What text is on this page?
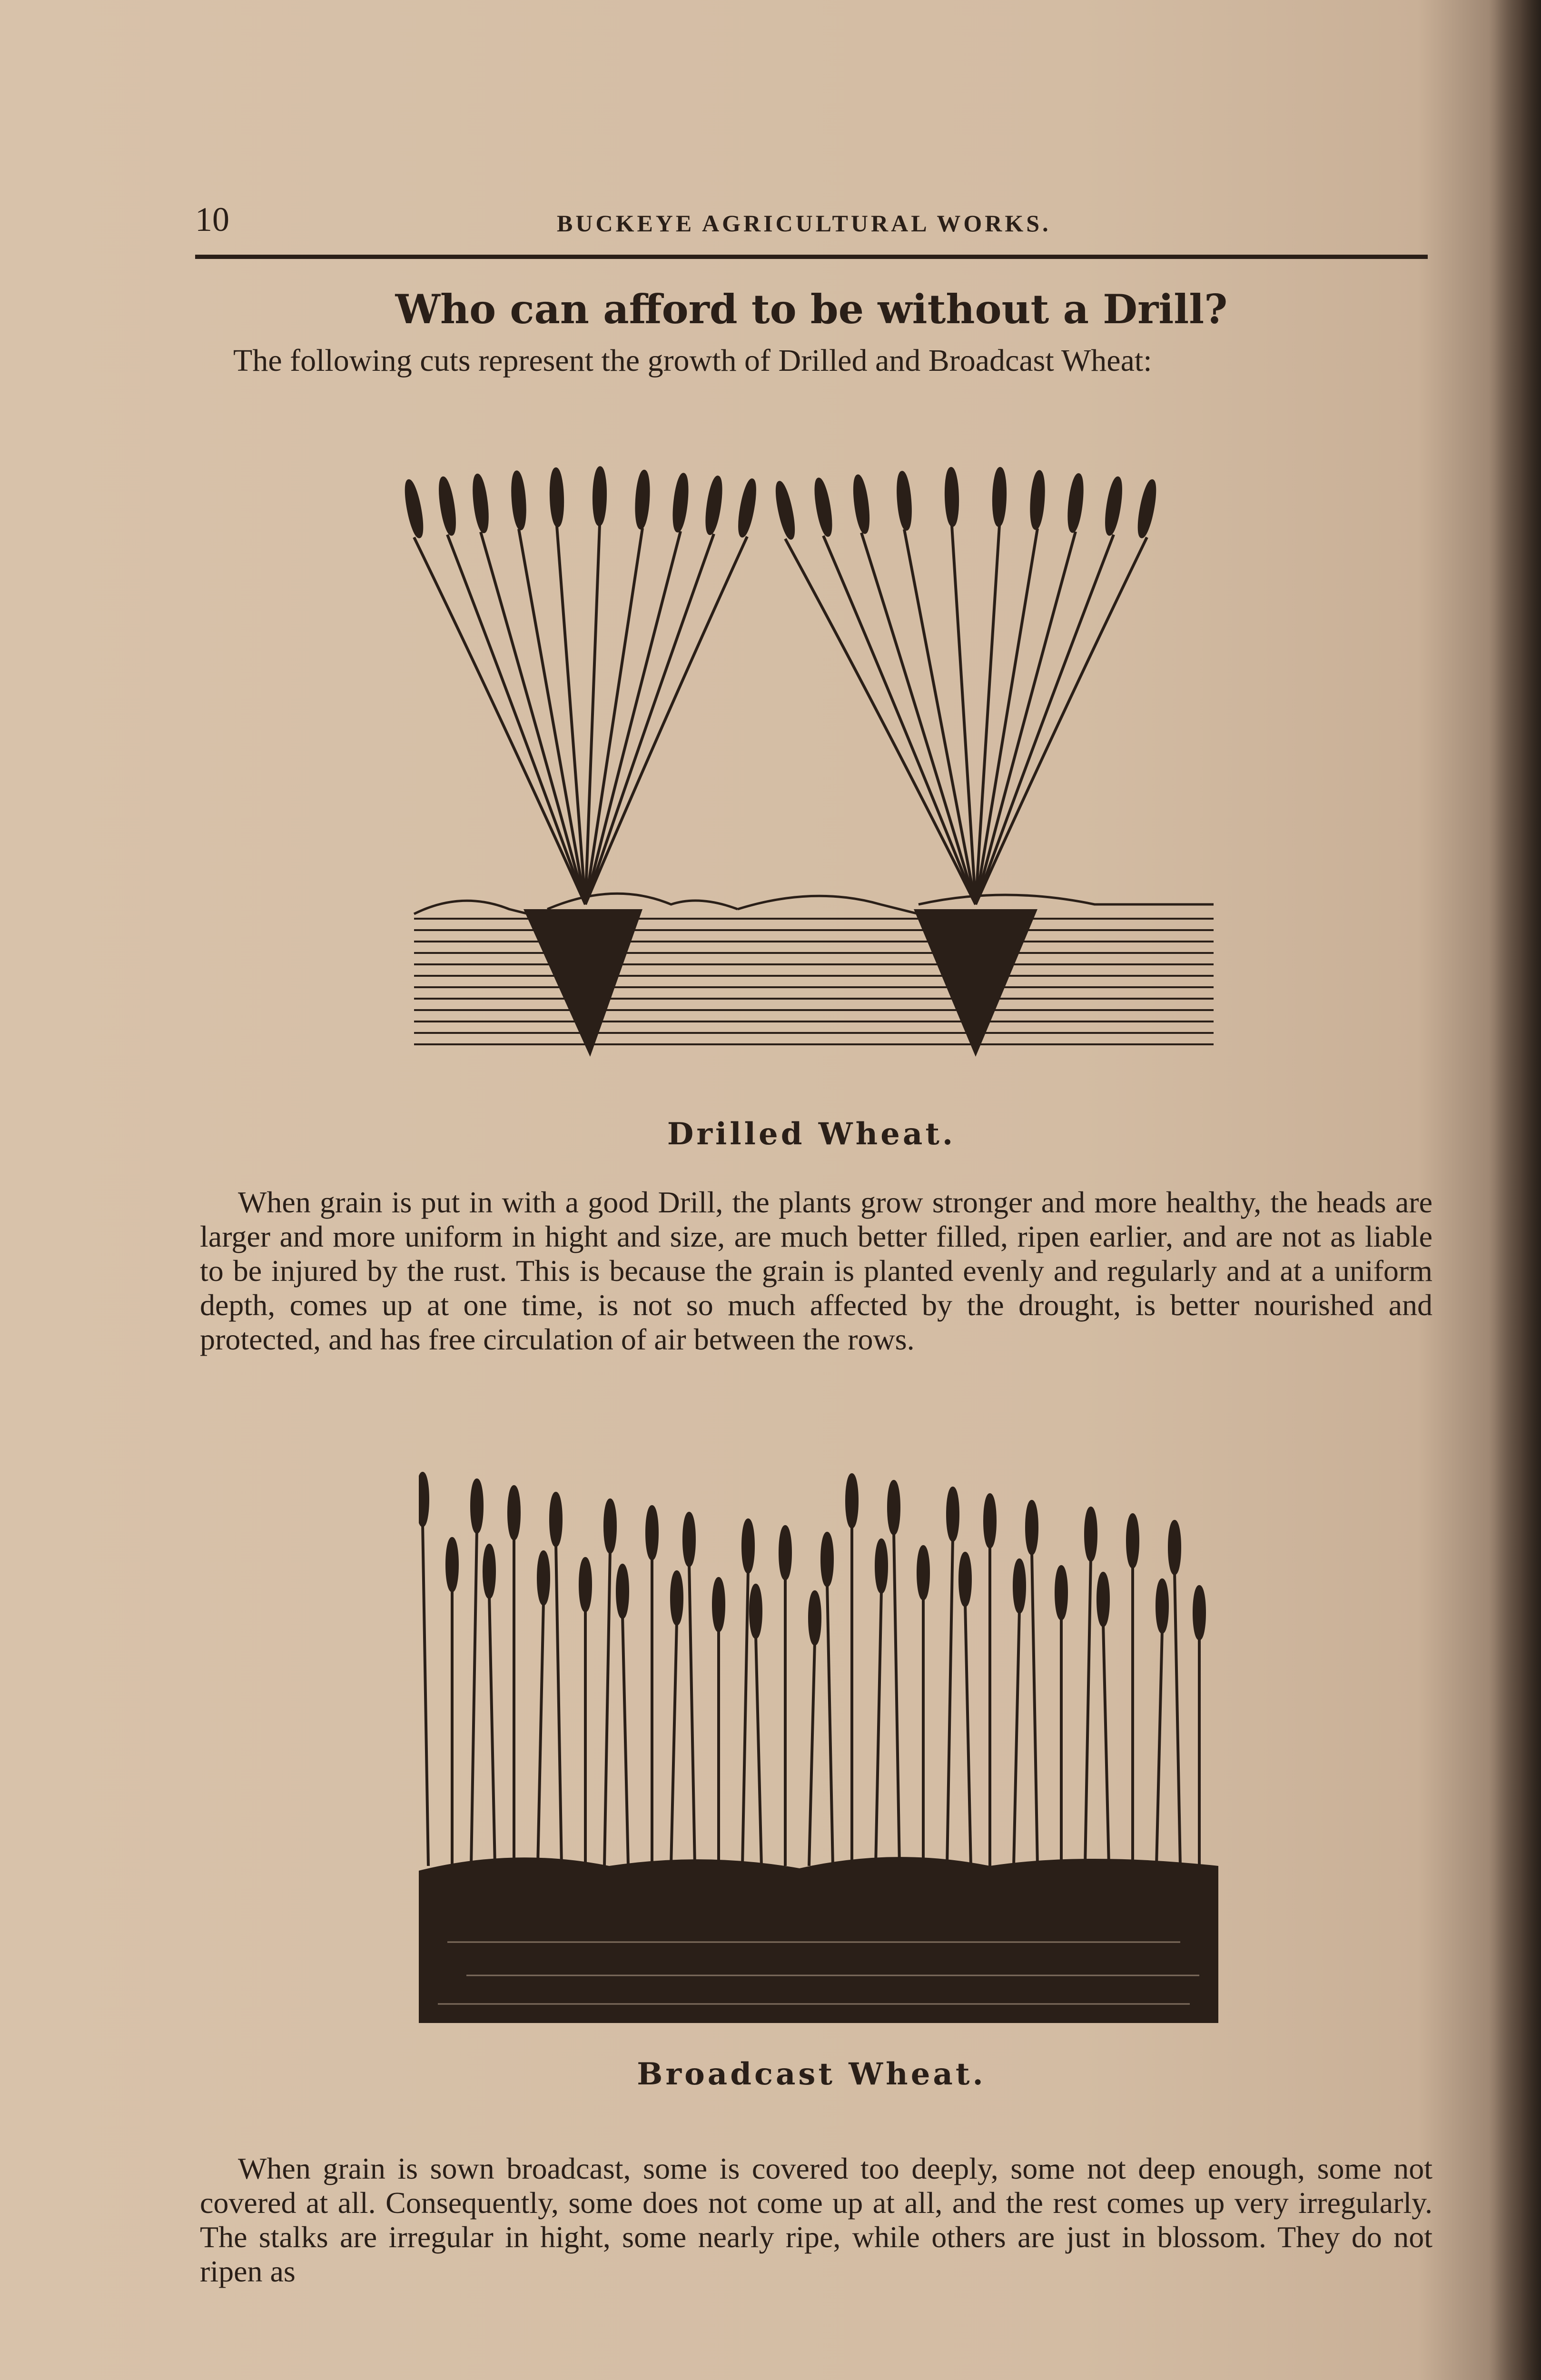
10	BUCKEYE AGRICULTURAL WORKS.
Who can afford to be without a Drill?
The following cuts represent the growth of Drilled and Broadcast Wheat:
Drilled Wheat.
When grain is put in with a good Drill, the plants grow stronger and more healthy, the heads are larger and more uniform in hight and size, are much better filled, ripen earlier, and are not as liable to be injured by the rust. This is because the grain is planted evenly and regularly and at a uniform depth, comes up at one time, is not so much affected by the drought, is better nourished and protected, and has free circulation of air between the rows.
Broadcast Wheat.
When grain is sown broadcast, some is covered too deeply, some not deep enough, some not covered at all. Consequently, some does not come up at all, and the rest comes up very irregularly. The stalks are irregular in hight, some nearly ripe, while others are just in blossom. They do not ripen as
